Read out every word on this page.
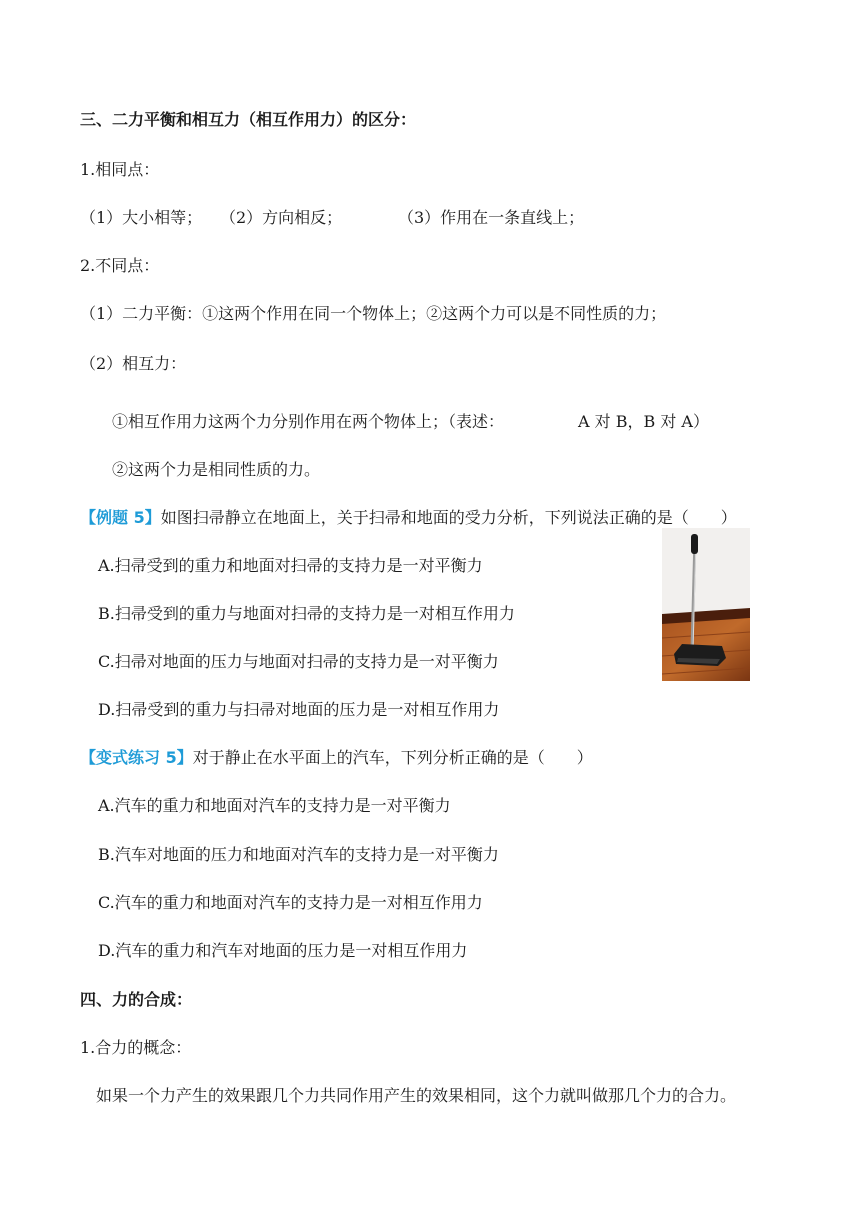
三、二力平衡和相互力（相互作用力）的区分：
1.相同点：
（1）大小相等； （2）方向相反；	（3）作用在一条直线上；
2.不同点：
（1）二力平衡：①这两个作用在同一个物体上；②这两个力可以是不同性质的力；
（2）相互力：
①相互作用力这两个力分别作用在两个物体上；（表述：	A 对 B，B 对 A）
②这两个力是相同性质的力。
【例题 5】如图扫帚静立在地面上，关于扫帚和地面的受力分析，下列说法正确的是（　　）
A.扫帚受到的重力和地面对扫帚的支持力是一对平衡力
B.扫帚受到的重力与地面对扫帚的支持力是一对相互作用力
C.扫帚对地面的压力与地面对扫帚的支持力是一对平衡力
D.扫帚受到的重力与扫帚对地面的压力是一对相互作用力
【变式练习 5】对于静止在水平面上的汽车，下列分析正确的是（　　）
A.汽车的重力和地面对汽车的支持力是一对平衡力
B.汽车对地面的压力和地面对汽车的支持力是一对平衡力
C.汽车的重力和地面对汽车的支持力是一对相互作用力
D.汽车的重力和汽车对地面的压力是一对相互作用力
四、力的合成：
1.合力的概念：
如果一个力产生的效果跟几个力共同作用产生的效果相同，这个力就叫做那几个力的合力。
